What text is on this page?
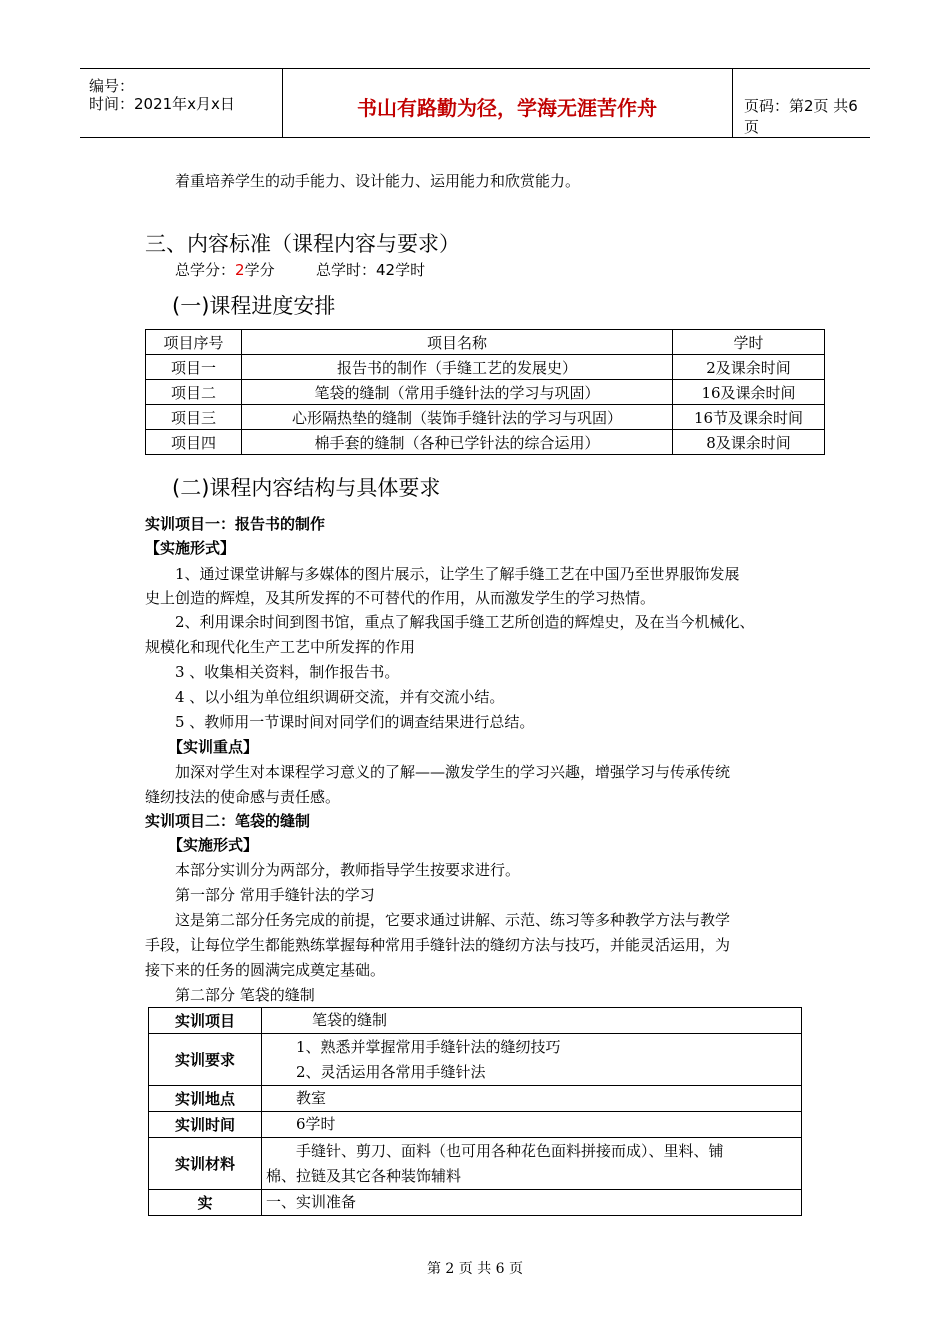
编号：
时间：2021年x月x日	书山有路勤为径，学海无涯苦作舟	页码：第2页 共6页
着重培养学生的动手能力、设计能力、运用能力和欣赏能力。
三、内容标准（课程内容与要求）
总学分：2学分	总学时：42学时
(一)课程进度安排
项目序号	项目名称	学时
项目一	报告书的制作（手缝工艺的发展史）	2及课余时间
项目二	笔袋的缝制（常用手缝针法的学习与巩固）	16及课余时间
项目三	心形隔热垫的缝制（装饰手缝针法的学习与巩固）	16节及课余时间
项目四	棉手套的缝制（各种已学针法的综合运用）	8及课余时间
(二)课程内容结构与具体要求
实训项目一：报告书的制作
【实施形式】
1、通过课堂讲解与多媒体的图片展示，让学生了解手缝工艺在中国乃至世界服饰发展
史上创造的辉煌，及其所发挥的不可替代的作用，从而激发学生的学习热情。
2、利用课余时间到图书馆，重点了解我国手缝工艺所创造的辉煌史，及在当今机械化、
规模化和现代化生产工艺中所发挥的作用
3 、收集相关资料，制作报告书。
4 、以小组为单位组织调研交流，并有交流小结。
5 、教师用一节课时间对同学们的调查结果进行总结。
【实训重点】
加深对学生对本课程学习意义的了解——激发学生的学习兴趣，增强学习与传承传统
缝纫技法的使命感与责任感。
实训项目二：笔袋的缝制
【实施形式】
本部分实训分为两部分，教师指导学生按要求进行。
第一部分 常用手缝针法的学习
这是第二部分任务完成的前提，它要求通过讲解、示范、练习等多种教学方法与教学
手段，让每位学生都能熟练掌握每种常用手缝针法的缝纫方法与技巧，并能灵活运用，为
接下来的任务的圆满完成奠定基础。
第二部分 笔袋的缝制
实训项目	笔袋的缝制
实训要求	1、熟悉并掌握常用手缝针法的缝纫技巧
2、灵活运用各常用手缝针法

实训地点	教室
实训时间	6学时
实训材料	手缝针、剪刀、面料（也可用各种花色面料拼接而成）、里料、铺
棉、拉链及其它各种装饰辅料

实	一、实训准备
第 2 页 共 6 页
